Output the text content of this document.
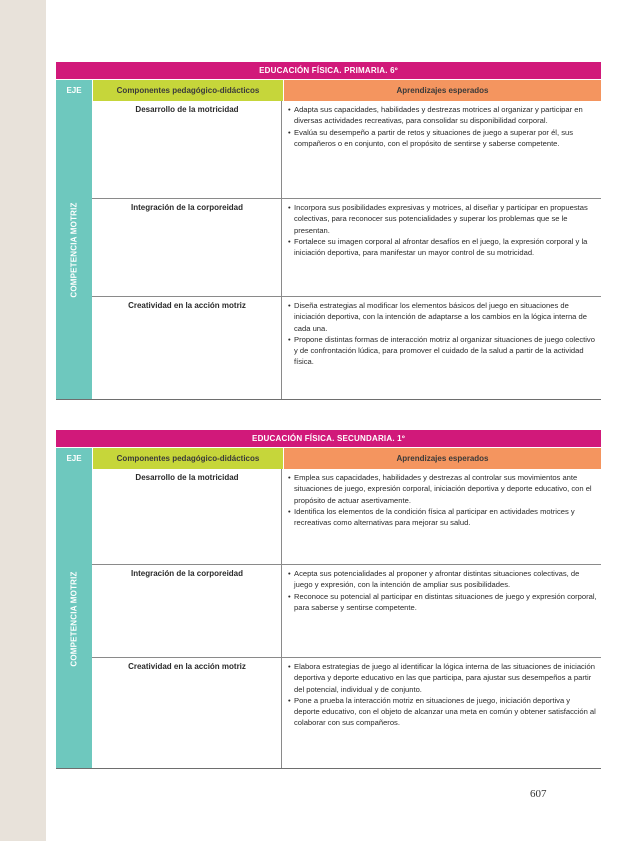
EDUCACIÓN FÍSICA. PRIMARIA. 6º
EJE	Componentes pedagógico-didácticos	Aprendizajes esperados
COMPETENCIA MOTRIZ
Desarrollo de la motricidad	• Adapta sus capacidades, habilidades y destrezas motrices al organizar y participar en diversas actividades recreativas, para consolidar su disponibilidad corporal.
• Evalúa su desempeño a partir de retos y situaciones de juego a superar por él, sus compañeros o en conjunto, con el propósito de sentirse y saberse competente.
Integración de la corporeidad	• Incorpora sus posibilidades expresivas y motrices, al diseñar y participar en propuestas colectivas, para reconocer sus potencialidades y superar los problemas que se le presentan.
• Fortalece su imagen corporal al afrontar desafíos en el juego, la expresión corporal y la iniciación deportiva, para manifestar un mayor control de su motricidad.
Creatividad en la acción motriz	• Diseña estrategias al modificar los elementos básicos del juego en situaciones de iniciación deportiva, con la intención de adaptarse a los cambios en la lógica interna de cada una.
• Propone distintas formas de interacción motriz al organizar situaciones de juego colectivo y de confrontación lúdica, para promover el cuidado de la salud a partir de la actividad física.
EDUCACIÓN FÍSICA. SECUNDARIA. 1º
EJE	Componentes pedagógico-didácticos	Aprendizajes esperados
COMPETENCIA MOTRIZ
Desarrollo de la motricidad	• Emplea sus capacidades, habilidades y destrezas al controlar sus movimientos ante situaciones de juego, expresión corporal, iniciación deportiva y deporte educativo, con el propósito de actuar asertivamente.
• Identifica los elementos de la condición física al participar en actividades motrices y recreativas como alternativas para mejorar su salud.
Integración de la corporeidad	• Acepta sus potencialidades al proponer y afrontar distintas situaciones colectivas, de juego y expresión, con la intención de ampliar sus posibilidades.
• Reconoce su potencial al participar en distintas situaciones de juego y expresión corporal, para saberse y sentirse competente.
Creatividad en la acción motriz	• Elabora estrategias de juego al identificar la lógica interna de las situaciones de iniciación deportiva y deporte educativo en las que participa, para ajustar sus desempeños a partir del potencial, individual y de conjunto.
• Pone a prueba la interacción motriz en situaciones de juego, iniciación deportiva y deporte educativo, con el objeto de alcanzar una meta en común y obtener satisfacción al colaborar con sus compañeros.
607
